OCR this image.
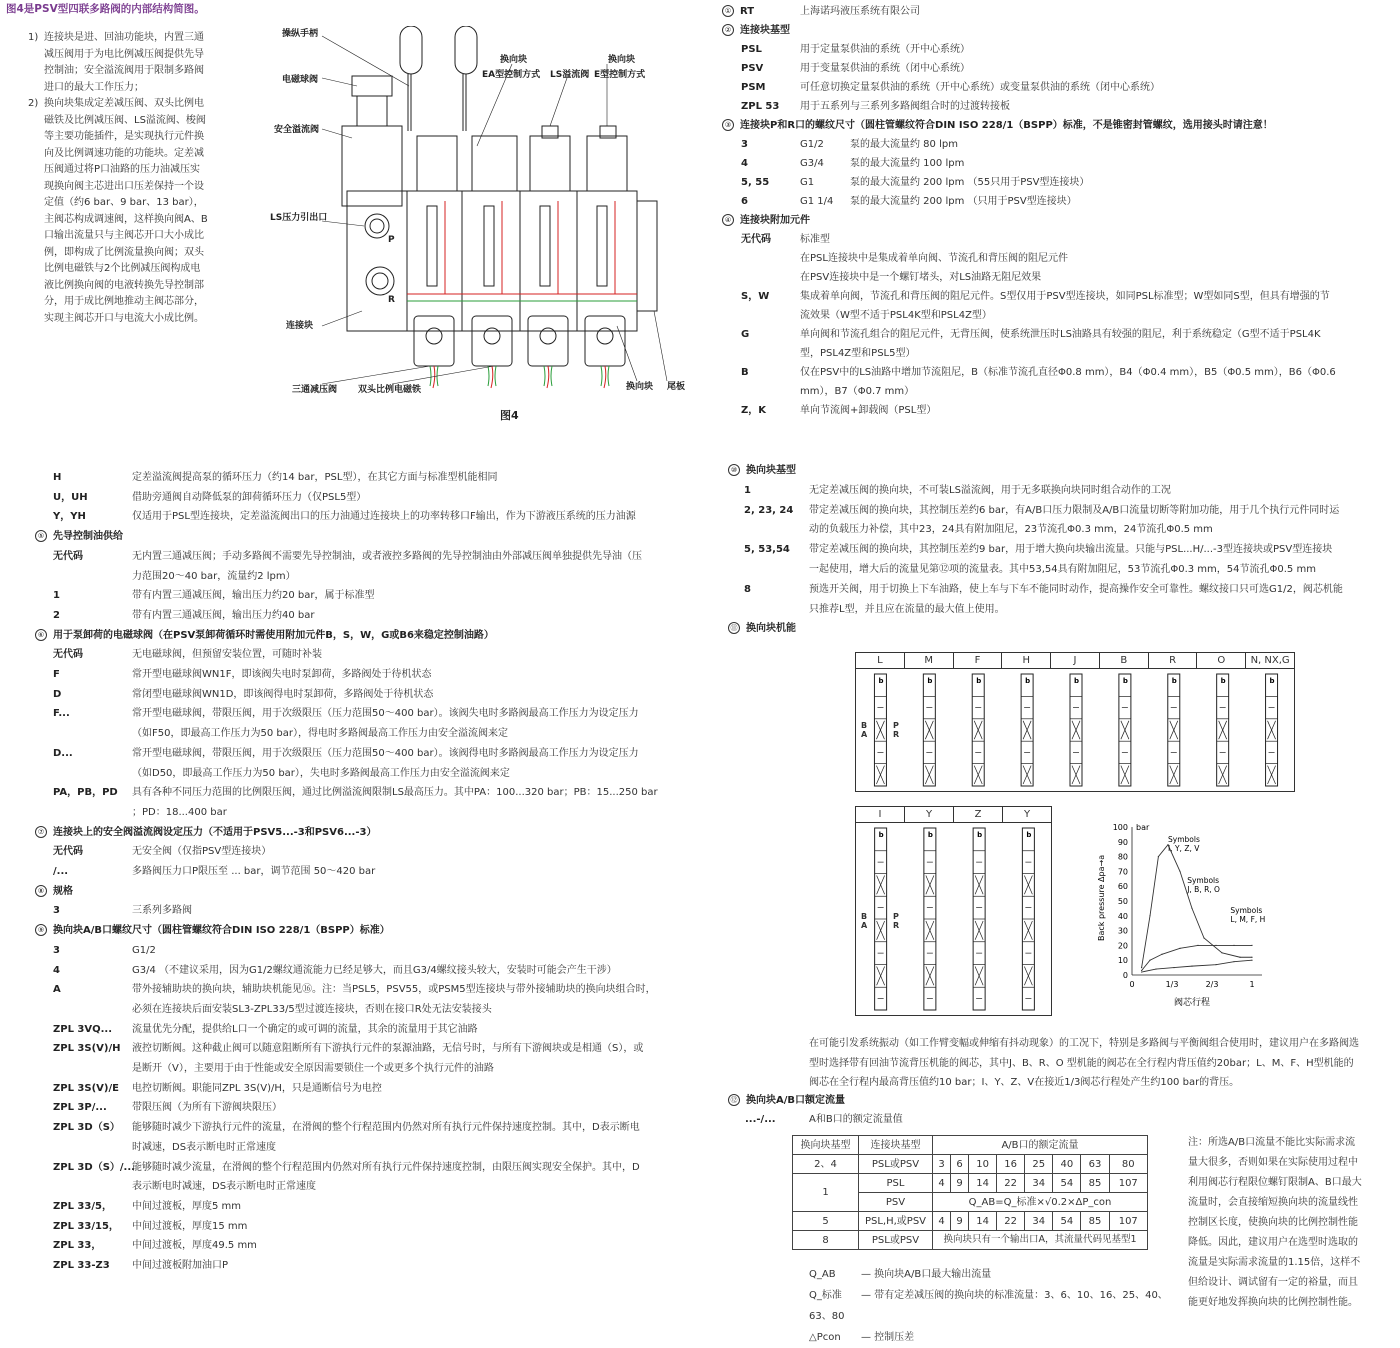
图4是PSV型四联多路阀的内部结构简图。

1) 连接块是进、回油功能块，内置三通减压阀用于为电比例减压阀提供先导控制油；安全溢流阀用于限制多路阀进口的最大工作压力；

2) 换向块集成定差减压阀、双头比例电磁铁及比例减压阀、LS溢流阀、梭阀等主要功能插件，是实现执行元件换向及比例调速功能的功能块。定差减压阀通过将P口油路的压力油减压实现换向阀主芯进出口压差保持一个设定值（约6 bar、9 bar、13 bar），主阀芯构成调速阀，这样换向阀A、B口输出流量只与主阀芯开口大小成比例，即构成了比例流量换向阀；双头比例电磁铁与2个比例减压阀构成电液比例换向阀的电液转换先导控制部分，用于成比例地推动主阀芯部分，实现主阀芯开口与电流大小成比例。

操纵手柄
电磁球阀
安全溢流阀
LS压力引出口
连接块
换向块
EA型控制方式 LS溢流阀
换向块
E型控制方式
三通减压阀 双头比例电磁铁	换向块 尾板
P
R
图4
① RT	上海诺玛液压系统有限公司
② 连接块基型
PSL	用于定量泵供油的系统（开中心系统）
PSV	用于变量泵供油的系统（闭中心系统）
PSM	可任意切换定量泵供油的系统（开中心系统）或变量泵供油的系统（闭中心系统）
ZPL 53 用于五系列与三系列多路阀组合时的过渡转接板
③ 连接块P和R口的螺纹尺寸（圆柱管螺纹符合DIN ISO 228/1（BSPP）标准，不是锥密封管螺纹，选用接头时请注意！
3	G1/2	泵的最大流量约 80 lpm
4	G3/4	泵的最大流量约 100 lpm
5, 55	G1	泵的最大流量约 200 lpm （55只用于PSV型连接块）
6	G1 1/4 泵的最大流量约 200 lpm （只用于PSV型连接块）
④ 连接块附加元件
无代码	标准型
在PSL连接块中是集成着单向阀、节流孔和背压阀的阻尼元件
在PSV连接块中是一个螺钉堵头，对LS油路无阻尼效果
S，W	集成着单向阀，节流孔和背压阀的阻尼元件。S型仅用于PSV型连接块，如同PSL标准型；W型如同S型，但具有增强的节
流效果（W型不适于PSL4K型和PSL4Z型）
G	单向阀和节流孔组合的阻尼元件，无背压阀，使系统泄压时LS油路具有较强的阻尼，利于系统稳定（G型不适于PSL4K
型，PSL4Z型和PSL5型）
B	仅在PSV中的LS油路中增加节流阻尼，B（标准节流孔直径Φ0.8 mm），B4（Φ0.4 mm），B5（Φ0.5 mm），B6（Φ0.6
mm），B7（Φ0.7 mm）
Z，K	单向节流阀+卸载阀（PSL型）
H	定差溢流阀提高泵的循环压力（约14 bar，PSL型），在其它方面与标准型机能相同
U，UH	借助旁通阀自动降低泵的卸荷循环压力（仅PSL5型）
Y，YH	仅适用于PSL型连接块，定差溢流阀出口的压力油通过连接块上的功率转移口F输出，作为下游液压系统的压力油源
⑤ 先导控制油供给
无代码	无内置三通减压阀；手动多路阀不需要先导控制油，或者液控多路阀的先导控制油由外部减压阀单独提供先导油（压
力范围20～40 bar，流量约2 lpm）
1	带有内置三通减压阀，输出压力约20 bar，属于标准型
2	带有内置三通减压阀，输出压力约40 bar
⑥ 用于泵卸荷的电磁球阀（在PSV泵卸荷循环时需使用附加元件B，S，W，G或B6来稳定控制油路）
无代码	无电磁球阀，但预留安装位置，可随时补装
F	常开型电磁球阀WN1F，即该阀失电时泵卸荷，多路阀处于待机状态
D	常闭型电磁球阀WN1D，即该阀得电时泵卸荷，多路阀处于待机状态
F...	常开型电磁球阀，带限压阀，用于次级限压（压力范围50～400 bar）。该阀失电时多路阀最高工作压力为设定压力
（如F50，即最高工作压力为50 bar），得电时多路阀最高工作压力由安全溢流阀来定
D...	常开型电磁球阀，带限压阀，用于次级限压（压力范围50～400 bar）。该阀得电时多路阀最高工作压力为设定压力
（如D50，即最高工作压力为50 bar），失电时多路阀最高工作压力由安全溢流阀来定
PA，PB，PD 具有各种不同压力范围的比例限压阀，通过比例溢流阀限制LS最高压力。其中PA：100...320 bar；PB：15...250 bar
；PD：18...400 bar
⑦ 连接块上的安全阀溢流阀设定压力（不适用于PSV5...-3和PSV6...-3）
无代码	无安全阀（仅指PSV型连接块）
/...	多路阀压力口P限压至 ... bar，调节范围 50～420 bar
⑧ 规格
3	三系列多路阀
⑨ 换向块A/B口螺纹尺寸（圆柱管螺纹符合DIN ISO 228/1（BSPP）标准）
3	G1/2
4	G3/4 （不建议采用，因为G1/2螺纹通流能力已经足够大，而且G3/4螺纹接头较大，安装时可能会产生干涉）
A	带外接辅助块的换向块，辅助块机能见⑯。注：当PSL5，PSV55，或PSM5型连接块与带外接辅助块的换向块组合时，
必须在连接块后面安装SL3-ZPL33/5型过渡连接块，否则在接口R处无法安装接头
ZPL 3VQ... 流量优先分配，提供给L口一个确定的或可调的流量，其余的流量用于其它油路
ZPL 3S(V)/H 液控切断阀。这种截止阀可以随意阻断所有下游执行元件的泵源油路，无信号时，与所有下游阀块或是相通（S），或
是断开（V），主要用于由于性能或安全原因需要锁住一个或更多个执行元件的油路
ZPL 3S(V)/E 电控切断阀。职能同ZPL 3S(V)/H，只是通断信号为电控
ZPL 3P/...	带限压阀（为所有下游阀块限压）
ZPL 3D（S） 能够随时减少下游执行元件的流量，在滑阀的整个行程范围内仍然对所有执行元件保持速度控制。其中，D表示断电
时减速，DS表示断电时正常速度
ZPL 3D（S）/...
能够随时减少流量，在滑阀的整个行程范围内仍然对所有执行元件保持速度控制，由限压阀实现安全保护。其中，D
表示断电时减速，DS表示断电时正常速度
ZPL 33/5， 中间过渡板，厚度5 mm
ZPL 33/15， 中间过渡板，厚度15 mm
ZPL 33，	中间过渡板，厚度49.5 mm
ZPL 33-Z3 中间过渡板附加油口P
⑩ 换向块基型
1	无定差减压阀的换向块，不可装LS溢流阀，用于无多联换向块同时组合动作的工况
2, 23, 24 带定差减压阀的换向块，其控制压差约6 bar，有A/B口压力限制及A/B口流量切断等附加功能，用于几个执行元件同时运
动的负载压力补偿，其中23，24具有附加阻尼，23节流孔Φ0.3 mm，24节流孔Φ0.5 mm
5, 53,54 带定差减压阀的换向块，其控制压差约9 bar，用于增大换向块输出流量。只能与PSL...H/...-3型连接块或PSV型连接块
一起使用，增大后的流量见第⑫项的流量表。其中53,54具有附加阻尼，53节流孔Φ0.3 mm，54节流孔Φ0.5 mm
8	预选开关阀，用于切换上下车油路，使上车与下车不能同时动作，提高操作安全可靠性。螺纹接口只可选G1/2，阀芯机能
只推荐L型，并且应在流量的最大值上使用。
⑪ 换向块机能
L	M	F	H	J	B	R	O	N, NX,G
b	b	b	b	b	b	b	b	b
B
A
P
R
I	Y	Z	Y
b	b	b	b
B
A
P
R
100
90
80
70
60
50
40
30
20
10
0
bar
0	1/3	2/3	1
Back pressure Δpa→a
阀芯行程
Symbols I, Y, Z, V
Symbols J, B, R, O
Symbols L, M, F, H
在可能引发系统振动（如工作臂变幅或伸缩有抖动现象）的工况下，特别是多路阀与平衡阀组合使用时，建议用户在多路阀选型时选择带有回油节流背压机能的阀芯，其中J、B、R、O 型机能的阀芯在全行程内背压值约20bar；L、M、F、H型机能的阀芯在全行程内最高背压值约10 bar；I、Y、Z、V在接近1/3阀芯行程处产生约100 bar的背压。
⑫ 换向块A/B口额定流量
...-/...	A和B口的额定流量值
换向块基型	连接块基型	A/B口的额定流量							
2、4	PSL或PSV	3	6	10	16	25	40	63	80
1	PSL	4	9	14	22	34	54	85	107
	PSV	Q_AB=Q_标准×√0.2×ΔP_con							
5	PSL,H,或PSV	4	9	14	22	34	54	85	107
8	PSL或PSV	换向块只有一个输出口A，其流量代码见基型1							
Q_AB	— 换向块A/B口最大输出流量
Q_标准 — 带有定差减压阀的换向块的标准流量：3、6、10、16、25、40、63、80
△Pcon — 控制压差
注：所选A/B口流量不能比实际需求流量大很多，否则如果在实际使用过程中利用阀芯行程限位螺钉限制A、B口最大流量时，会直接缩短换向块的流量线性控制区长度，使换向块的比例控制性能降低。因此，建议用户在选型时选取的流量是实际需求流量的1.15倍，这样不但给设计、调试留有一定的裕量，而且能更好地发挥换向块的比例控制性能。
